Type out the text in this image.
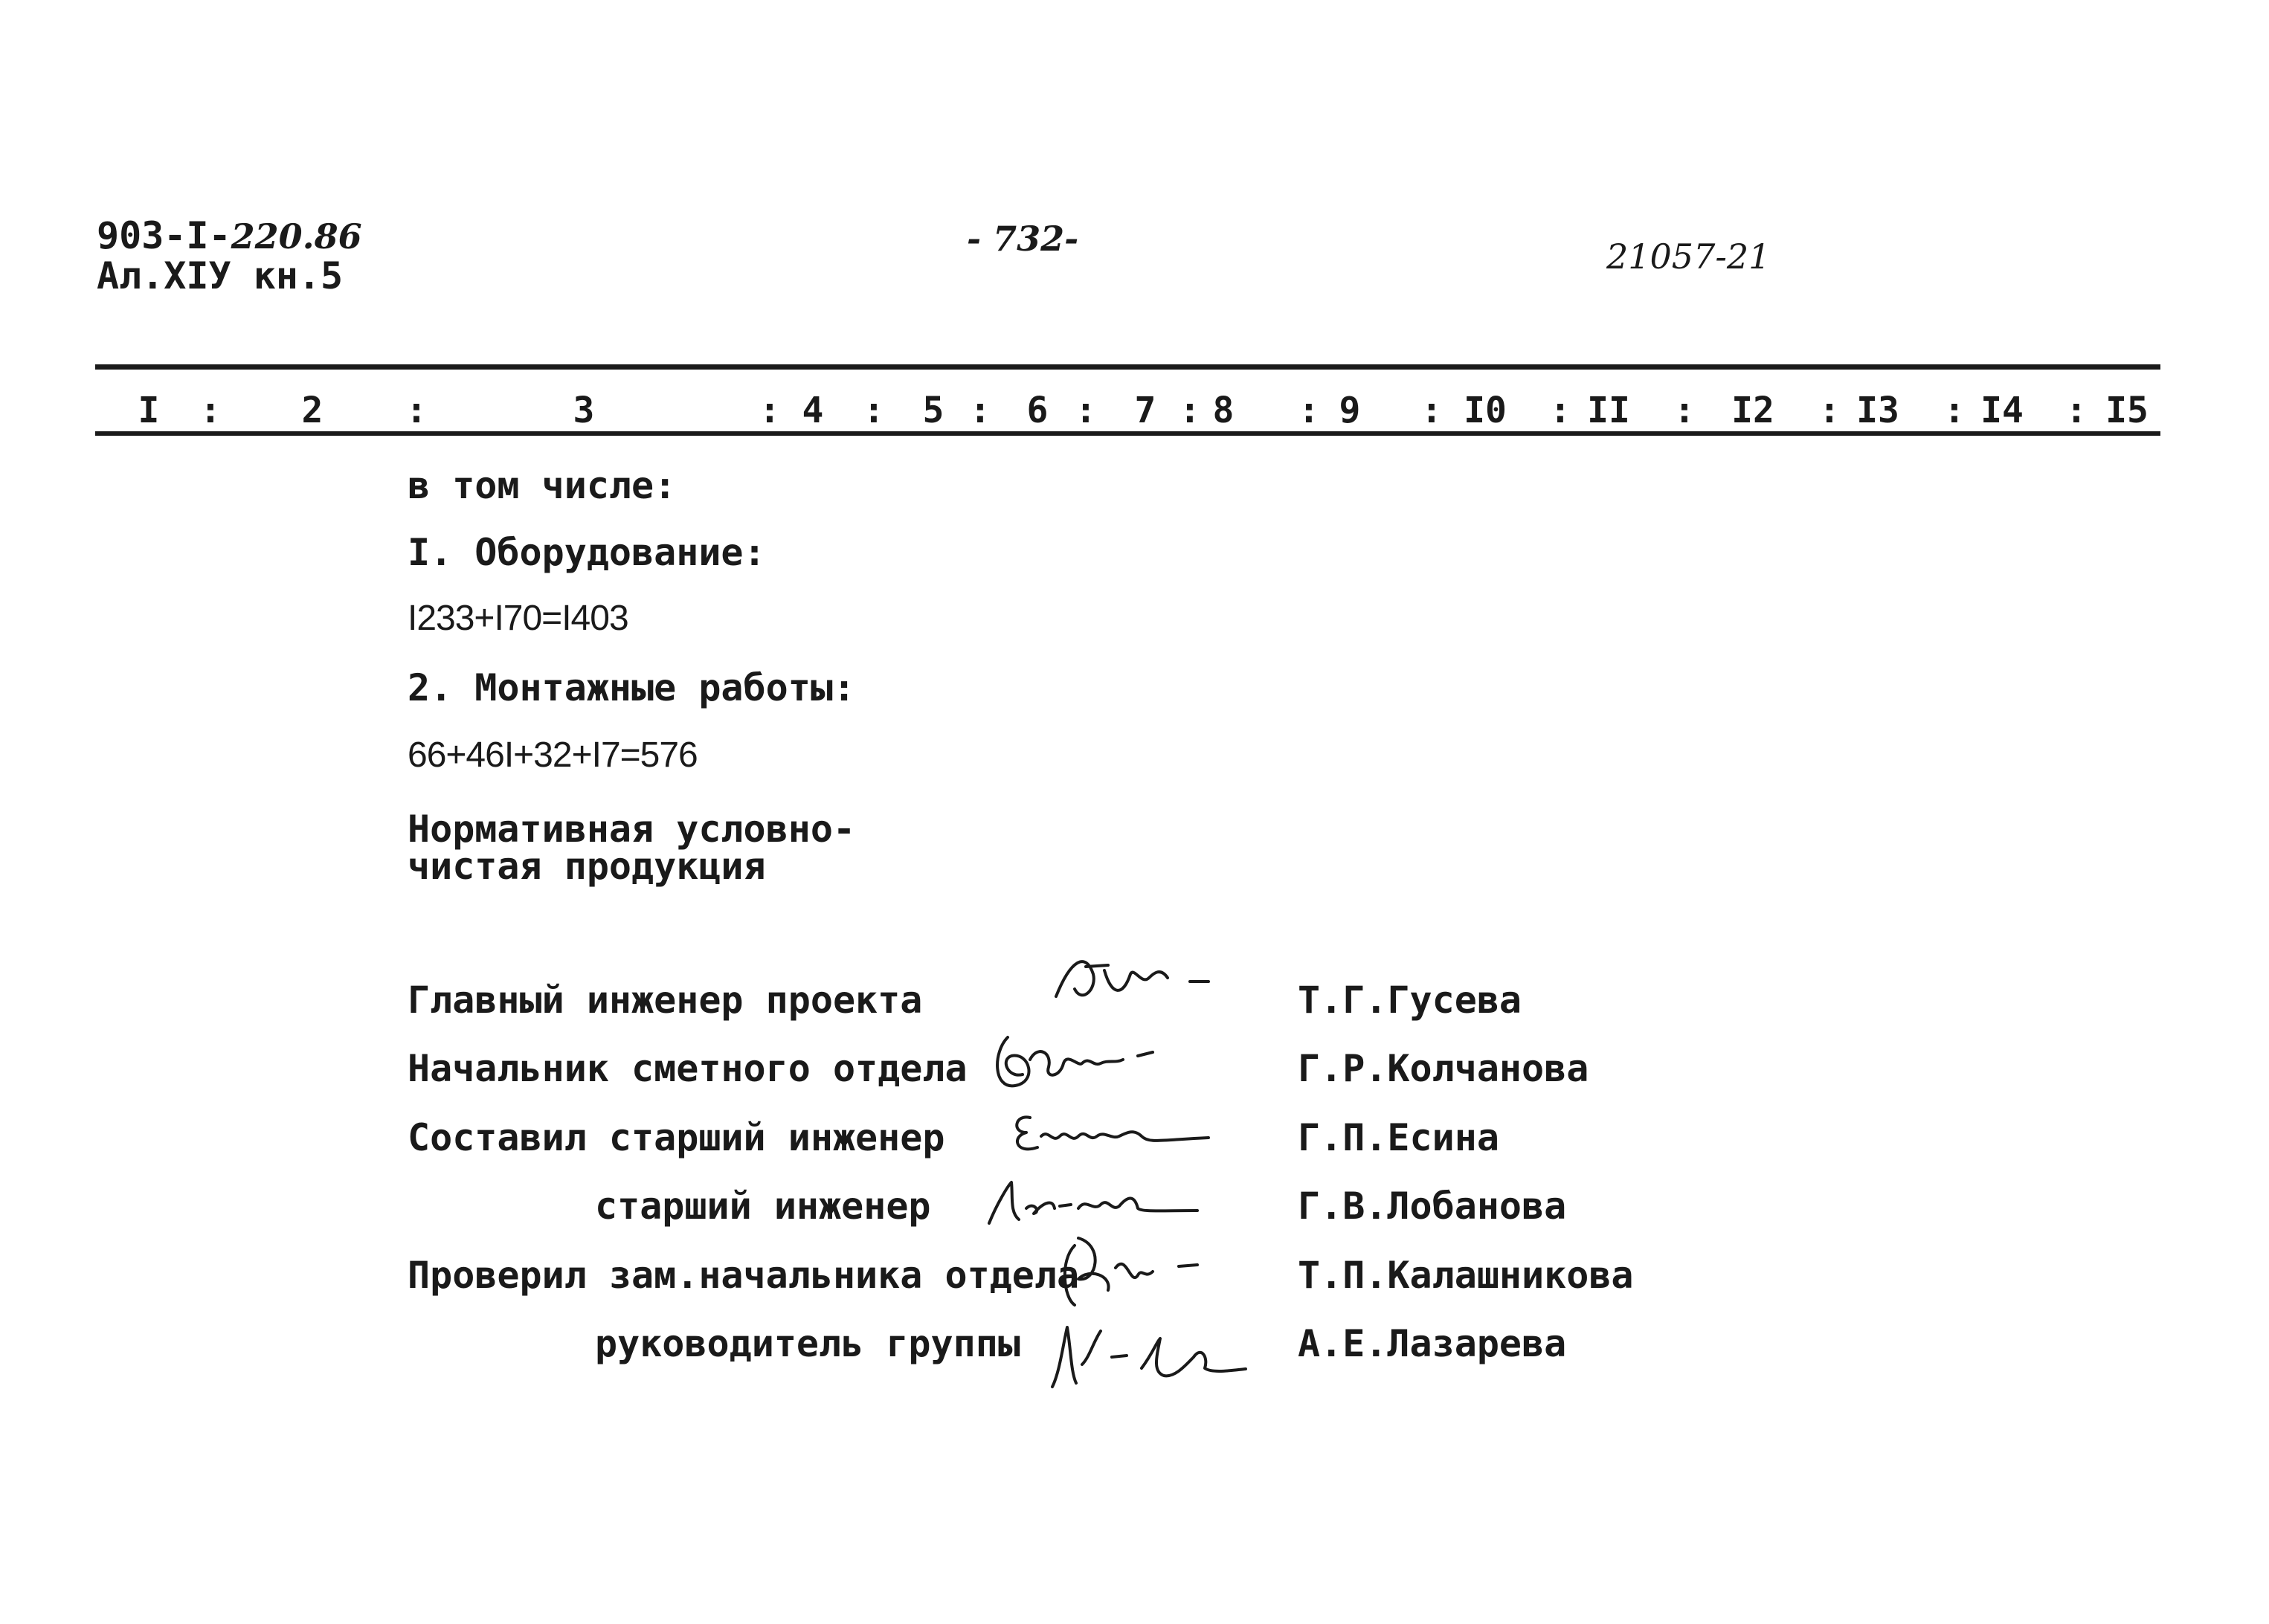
903-I-220.86
Ал.XIУ кн.5
- 732-	21057-21
I	2	3	4	5 6 7 8	9	I0 II	I2 I3 I4 I5
:	:	: : : : :	:	:	:	:	:	:	:
в том числе:
I. Оборудование:
I233+I70=I403
2. Монтажные работы:
66+46I+32+I7=576
Нормативная условно-
чистая продукция
Главный инженер проекта	Т.Г.Гусева
Начальник сметного отдела	Г.Р.Колчанова
Составил старший инженер	Г.П.Есина
старший инженер	Г.В.Лобанова
Проверил зам.начальника отдела	Т.П.Калашникова
руководитель группы	А.Е.Лазарева
